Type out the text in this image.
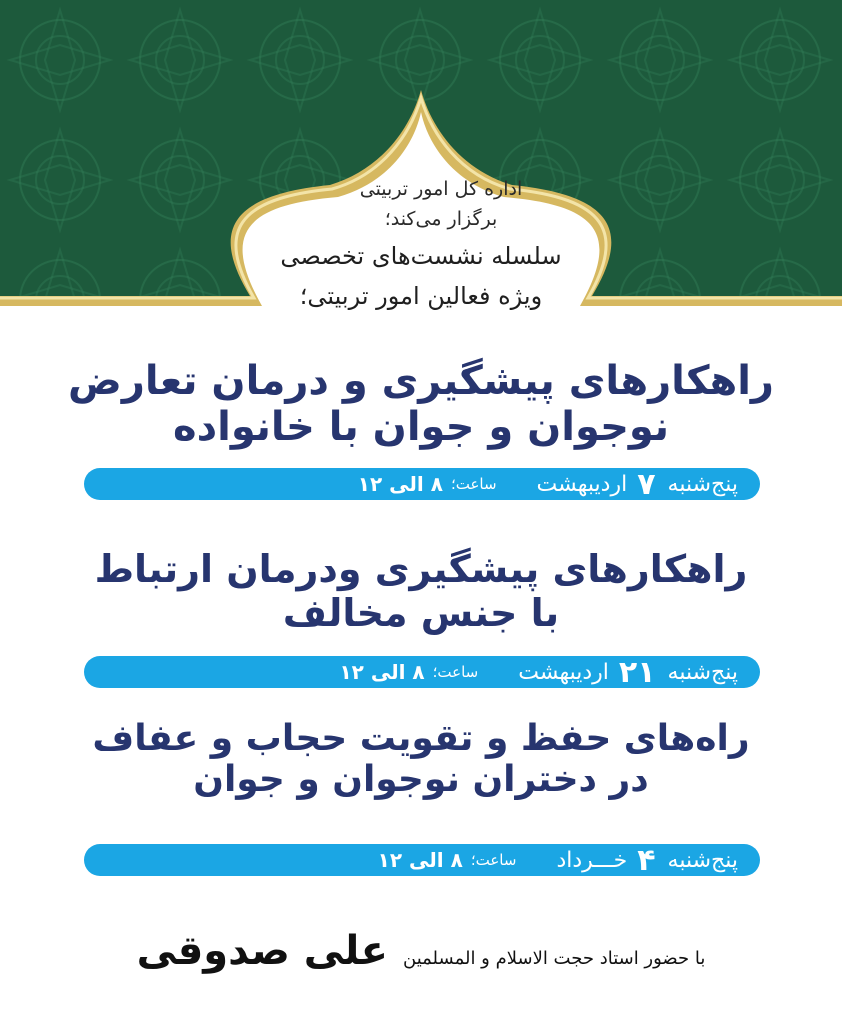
اداره کل امور تربیتی
برگزار می‌کند؛
سلسله نشست‌های تخصصی
ویژه فعالین امور تربیتی؛
راهکارهای پیشگیری و درمان تعارض
نوجوان و جوان با خانواده
پنج‌شنبه
۷
اردیبهشت
ساعت؛
۸ الی ۱۲
راهکارهای پیشگیری ودرمان ارتباط
با جنس مخالف
پنج‌شنبه
۲۱
اردیبهشت
ساعت؛
۸ الی ۱۲
راه‌های حفظ و تقویت حجاب و عفاف
در دختران نوجوان و جوان
پنج‌شنبه
۴
خـــرداد
ساعت؛
۸ الی ۱۲
با حضور استاد حجت الاسلام و المسلمین علی صدوقی
